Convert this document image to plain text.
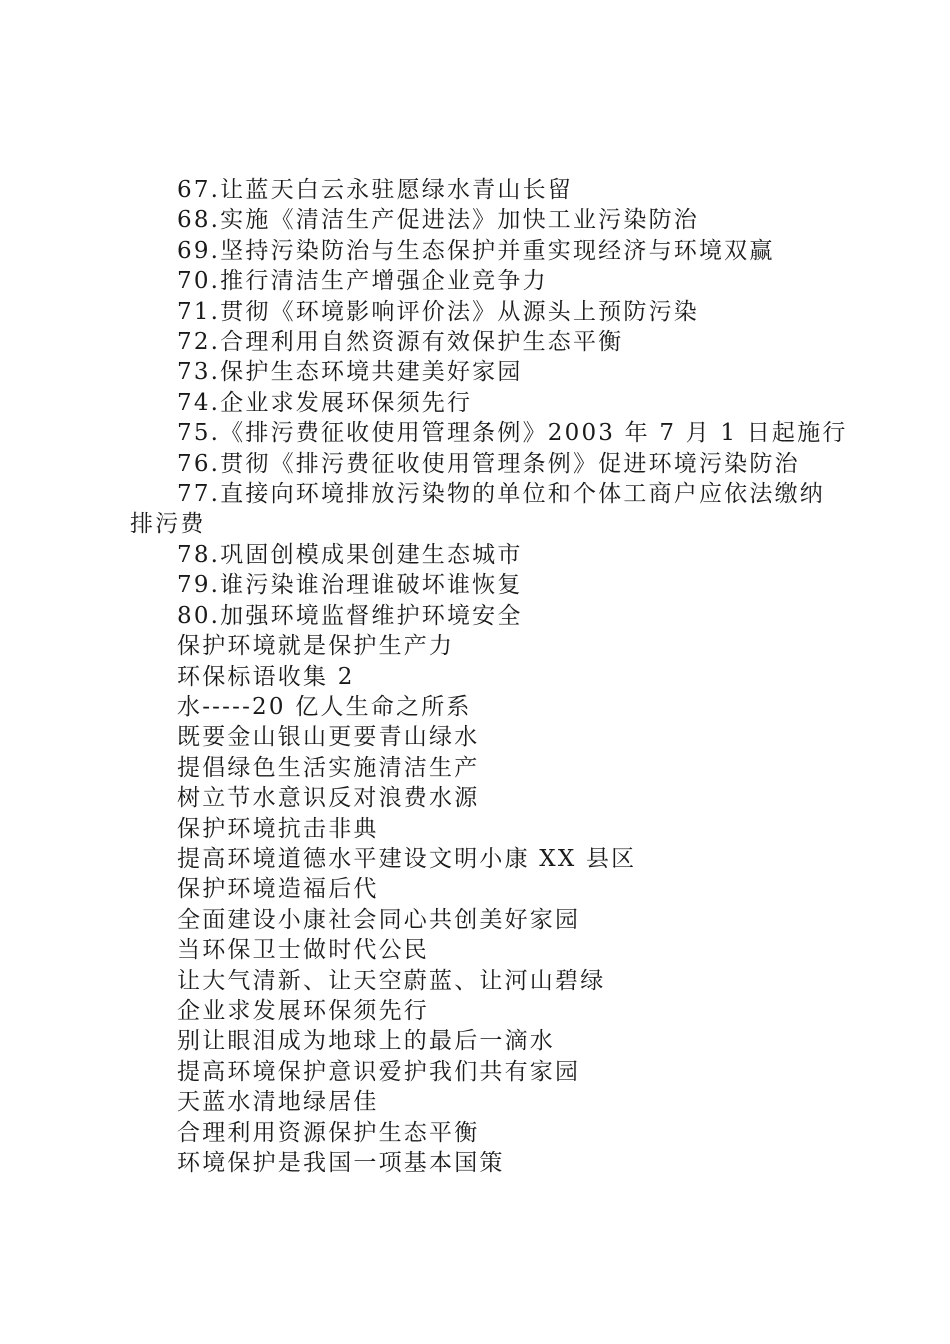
67.让蓝天白云永驻愿绿水青山长留

68.实施《清洁生产促进法》加快工业污染防治

69.坚持污染防治与生态保护并重实现经济与环境双赢

70.推行清洁生产增强企业竞争力

71.贯彻《环境影响评价法》从源头上预防污染

72.合理利用自然资源有效保护生态平衡

73.保护生态环境共建美好家园

74.企业求发展环保须先行

75.《排污费征收使用管理条例》2003 年 7 月 1 日起施行

76.贯彻《排污费征收使用管理条例》促进环境污染防治

77.直接向环境排放污染物的单位和个体工商户应依法缴纳排污费

78.巩固创模成果创建生态城市

79.谁污染谁治理谁破坏谁恢复

80.加强环境监督维护环境安全

保护环境就是保护生产力

环保标语收集 2

水-----20 亿人生命之所系

既要金山银山更要青山绿水

提倡绿色生活实施清洁生产

树立节水意识反对浪费水源

保护环境抗击非典

提高环境道德水平建设文明小康 XX 县区

保护环境造福后代

全面建设小康社会同心共创美好家园

当环保卫士做时代公民

让大气清新、让天空蔚蓝、让河山碧绿

企业求发展环保须先行

别让眼泪成为地球上的最后一滴水

提高环境保护意识爱护我们共有家园

天蓝水清地绿居佳

合理利用资源保护生态平衡

环境保护是我国一项基本国策
